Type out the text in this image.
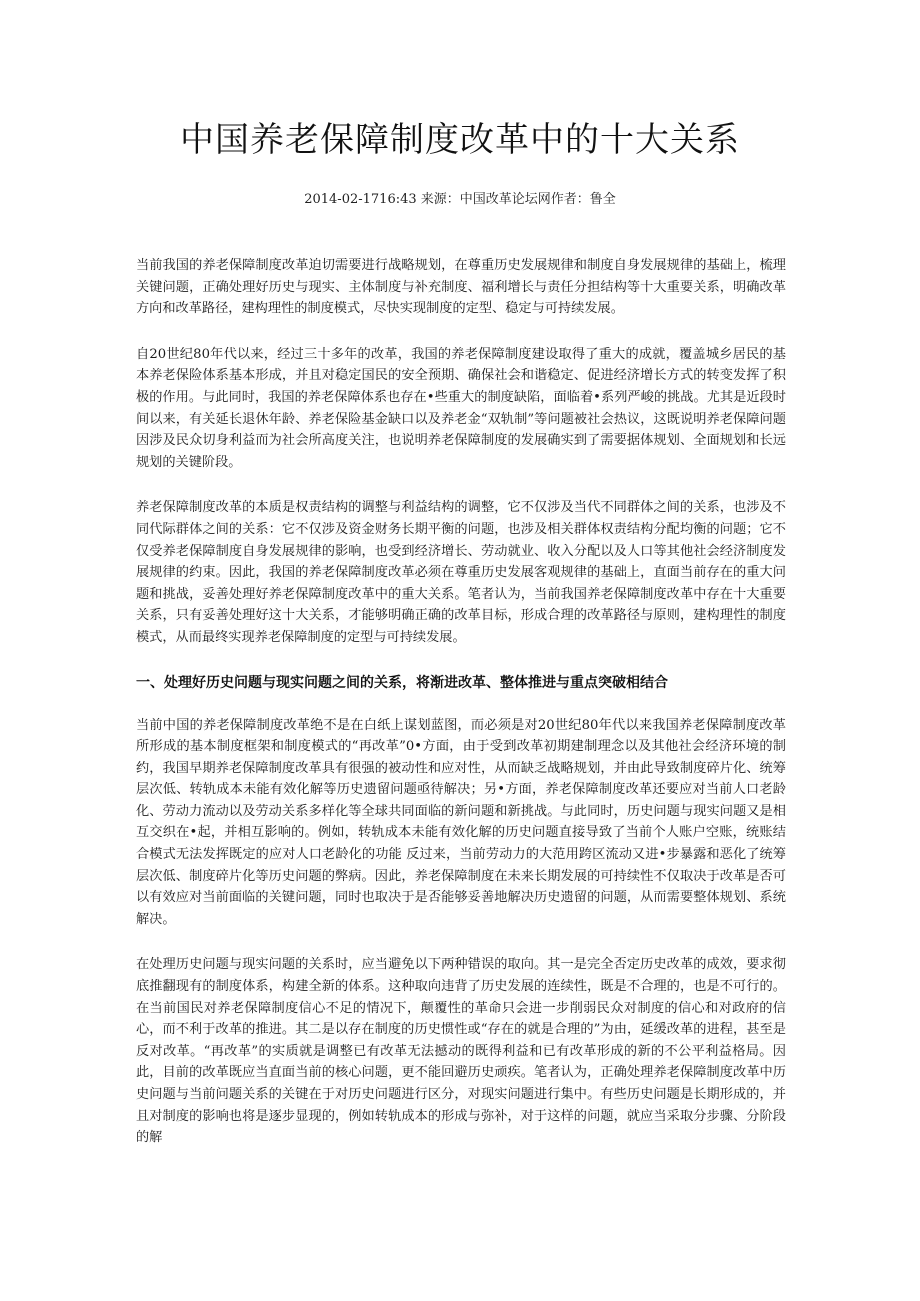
中国养老保障制度改革中的十大关系
2014-02-1716:43 来源：中国改革论坛网作者：鲁全

当前我国的养老保障制度改革迫切需要进行战略规划，在尊重历史发展规律和制度自身发展规律的基础上，梳理关键问题，正确处理好历史与现实、主体制度与补充制度、福利增长与责任分担结构等十大重要关系，明确改革方向和改革路径，建构理性的制度模式，尽快实现制度的定型、稳定与可持续发展。

自20世纪80年代以来，经过三十多年的改革，我国的养老保障制度建设取得了重大的成就，覆盖城乡居民的基本养老保险体系基本形成，并且对稳定国民的安全预期、确保社会和谐稳定、促进经济增长方式的转变发挥了积极的作用。与此同时，我国的养老保障体系也存在•些重大的制度缺陷，面临着•系列严峻的挑战。尤其是近段时间以来，有关延长退休年龄、养老保险基金缺口以及养老金“双轨制”等问题被社会热议，这既说明养老保障问题因涉及民众切身利益而为社会所高度关注，也说明养老保障制度的发展确实到了需要据体规划、全面规划和长远规划的关键阶段。

养老保障制度改革的本质是权责结构的调整与利益结构的调整，它不仅涉及当代不同群体之间的关系，也涉及不同代际群体之间的关系：它不仅涉及资金财务长期平衡的问题，也涉及相关群体权责结构分配均衡的问题；它不仅受养老保障制度自身发展规律的影响，也受到经济增长、劳动就业、收入分配以及人口等其他社会经济制度发展规律的约束。因此，我国的养老保障制度改革必须在尊重历史发展客观规律的基础上，直面当前存在的重大问题和挑战，妥善处理好养老保障制度改革中的重大关系。笔者认为，当前我国养老保障制度改革中存在十大重要关系，只有妥善处理好这十大关系，才能够明确正确的改革目标，形成合理的改革路径与原则，建构理性的制度模式，从而最终实现养老保障制度的定型与可持续发展。

一、处理好历史问题与现实问题之间的关系，将渐进改革、整体推进与重点突破相结合

当前中国的养老保障制度改革绝不是在白纸上谋划蓝图，而必须是对20世纪80年代以来我国养老保障制度改革所形成的基本制度框架和制度模式的“再改革”0•方面，由于受到改革初期建制理念以及其他社会经济环境的制约，我国早期养老保障制度改革具有很强的被动性和应对性，从而缺乏战略规划，并由此导致制度碎片化、统筹层次低、转轨成本未能有效化解等历史遗留问题亟待解决；另•方面，养老保障制度改革还要应对当前人口老龄化、劳动力流动以及劳动关系多样化等全球共同面临的新问题和新挑战。与此同时，历史问题与现实问题又是相互交织在•起，并相互影响的。例如，转轨成本未能有效化解的历史问题直接导致了当前个人账户空账，统账结合模式无法发挥既定的应对人口老龄化的功能 反过来，当前劳动力的大范用跨区流动又进•步暴露和恶化了统筹层次低、制度碎片化等历史问题的弊病。因此，养老保障制度在未来长期发展的可持续性不仅取决于改革是否可以有效应对当前面临的关键问题，同时也取决于是否能够妥善地解决历史遗留的问题，从而需要整体规划、系统解决。

在处理历史问题与现实问题的关系时，应当避免以下两种错误的取向。其一是完全否定历史改革的成效，要求彻底推翻现有的制度体系，构建全新的体系。这种取向违背了历史发展的连续性，既是不合理的，也是不可行的。在当前国民对养老保障制度信心不足的情况下，颠覆性的革命只会进一步削弱民众对制度的信心和对政府的信心，而不利于改革的推进。其二是以存在制度的历史惯性或“存在的就是合理的”为由，延缓改革的进程，甚至是反对改革。“再改革”的实质就是调整已有改革无法撼动的既得利益和已有改革形成的新的不公平利益格局。因此，目前的改革既应当直面当前的核心问题，更不能回避历史顽疾。笔者认为，正确处理养老保障制度改革中历史问题与当前问题关系的关键在于对历史问题进行区分，对现实问题进行集中。有些历史问题是长期形成的，并且对制度的影响也将是逐步显现的，例如转轨成本的形成与弥补，对于这样的问题，就应当采取分步骤、分阶段的解
